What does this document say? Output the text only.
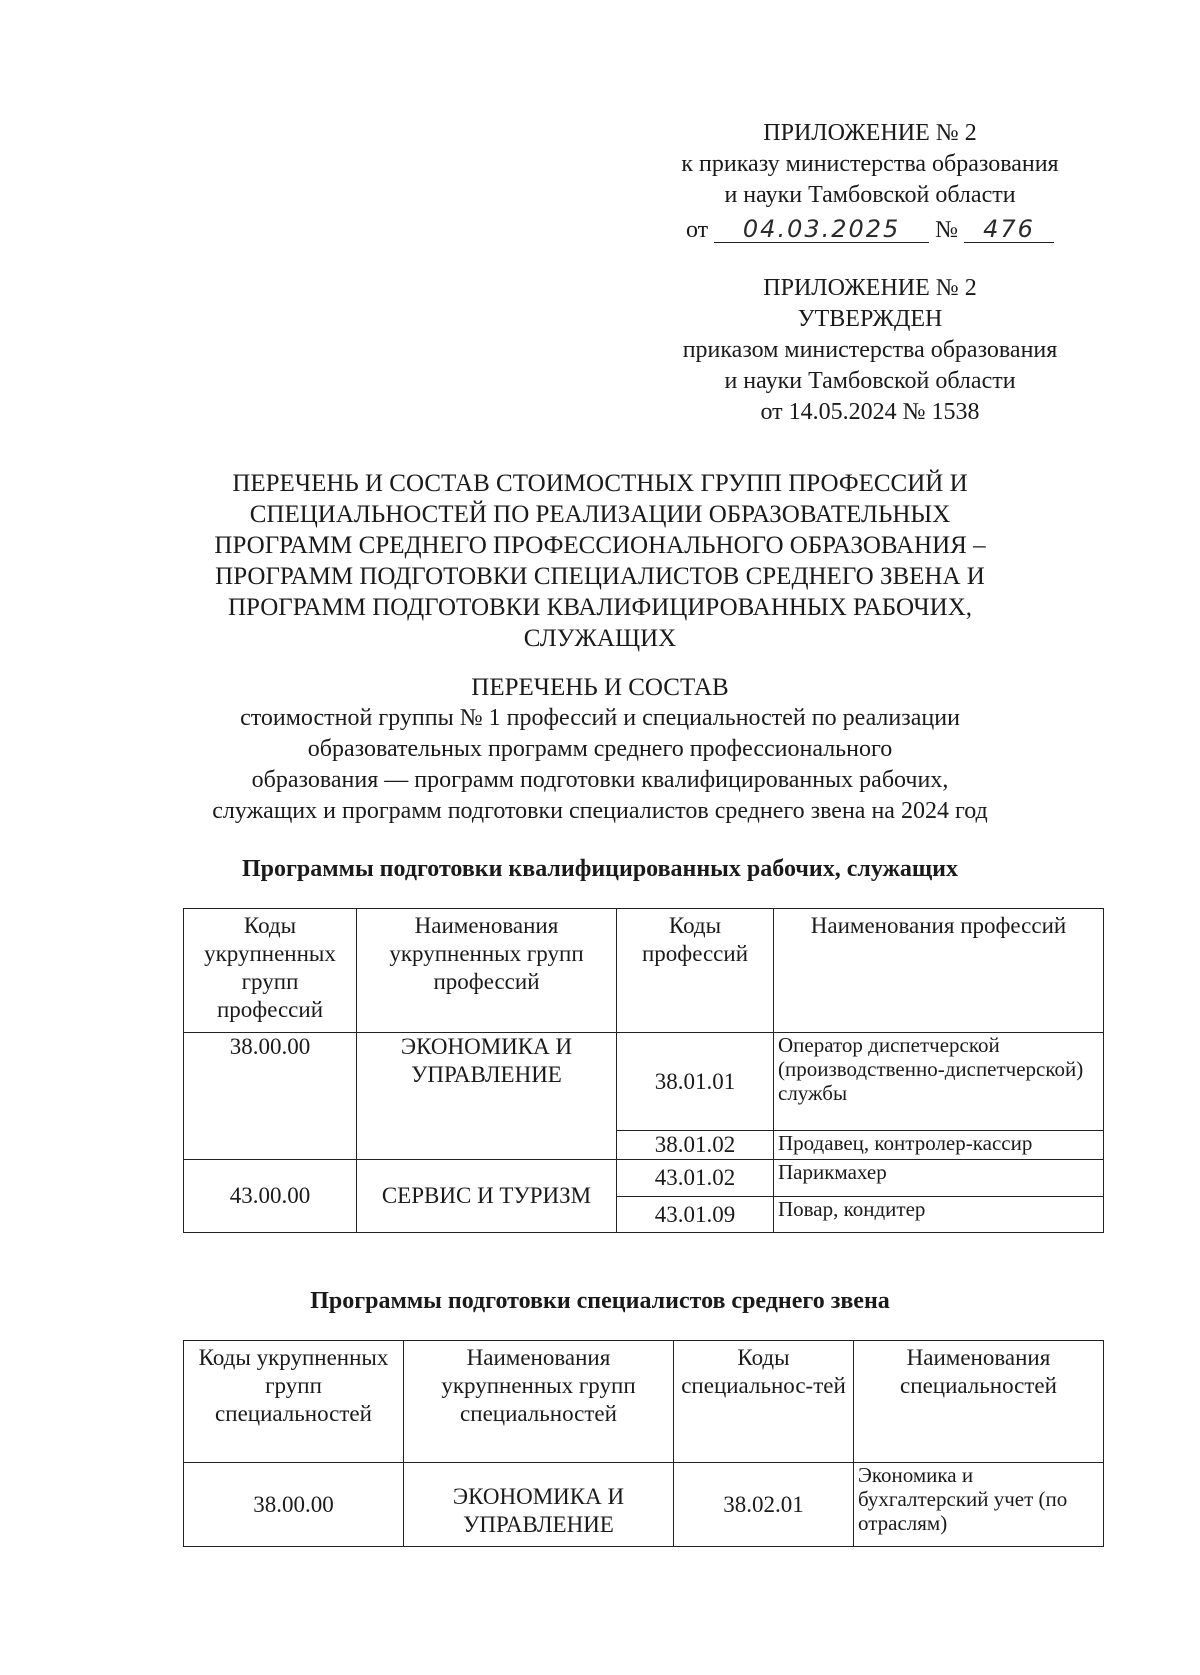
ПРИЛОЖЕНИЕ № 2
к приказу министерства образования
и науки Тамбовской области
от 04.03.2025 № 476
ПРИЛОЖЕНИЕ № 2
УТВЕРЖДЕН
приказом министерства образования
и науки Тамбовской области
от 14.05.2024 № 1538
ПЕРЕЧЕНЬ И СОСТАВ СТОИМОСТНЫХ ГРУПП ПРОФЕССИЙ И
СПЕЦИАЛЬНОСТЕЙ ПО РЕАЛИЗАЦИИ ОБРАЗОВАТЕЛЬНЫХ
ПРОГРАММ СРЕДНЕГО ПРОФЕССИОНАЛЬНОГО ОБРАЗОВАНИЯ –
ПРОГРАММ ПОДГОТОВКИ СПЕЦИАЛИСТОВ СРЕДНЕГО ЗВЕНА И
ПРОГРАММ ПОДГОТОВКИ КВАЛИФИЦИРОВАННЫХ РАБОЧИХ,
СЛУЖАЩИХ
ПЕРЕЧЕНЬ И СОСТАВ
стоимостной группы № 1 профессий и специальностей по реализации
образовательных программ среднего профессионального
образования — программ подготовки квалифицированных рабочих,
служащих и программ подготовки специалистов среднего звена на 2024 год
Программы подготовки квалифицированных рабочих, служащих
Коды укрупненных групп профессий	Наименования укрупненных групп профессий	Коды профессий	Наименования профессий
38.00.00	ЭКОНОМИКА И УПРАВЛЕНИЕ	38.01.01	Оператор диспетчерской (производственно-диспетчерской) службы
		38.01.02	Продавец, контролер-кассир
43.00.00	СЕРВИС И ТУРИЗМ	43.01.02	Парикмахер
		43.01.09	Повар, кондитер
Программы подготовки специалистов среднего звена
Коды укрупненных групп специальностей	Наименования укрупненных групп специальностей	Коды специальнос-тей	Наименования специальностей
38.00.00	ЭКОНОМИКА И УПРАВЛЕНИЕ	38.02.01	Экономика и бухгалтерский учет (по отраслям)
